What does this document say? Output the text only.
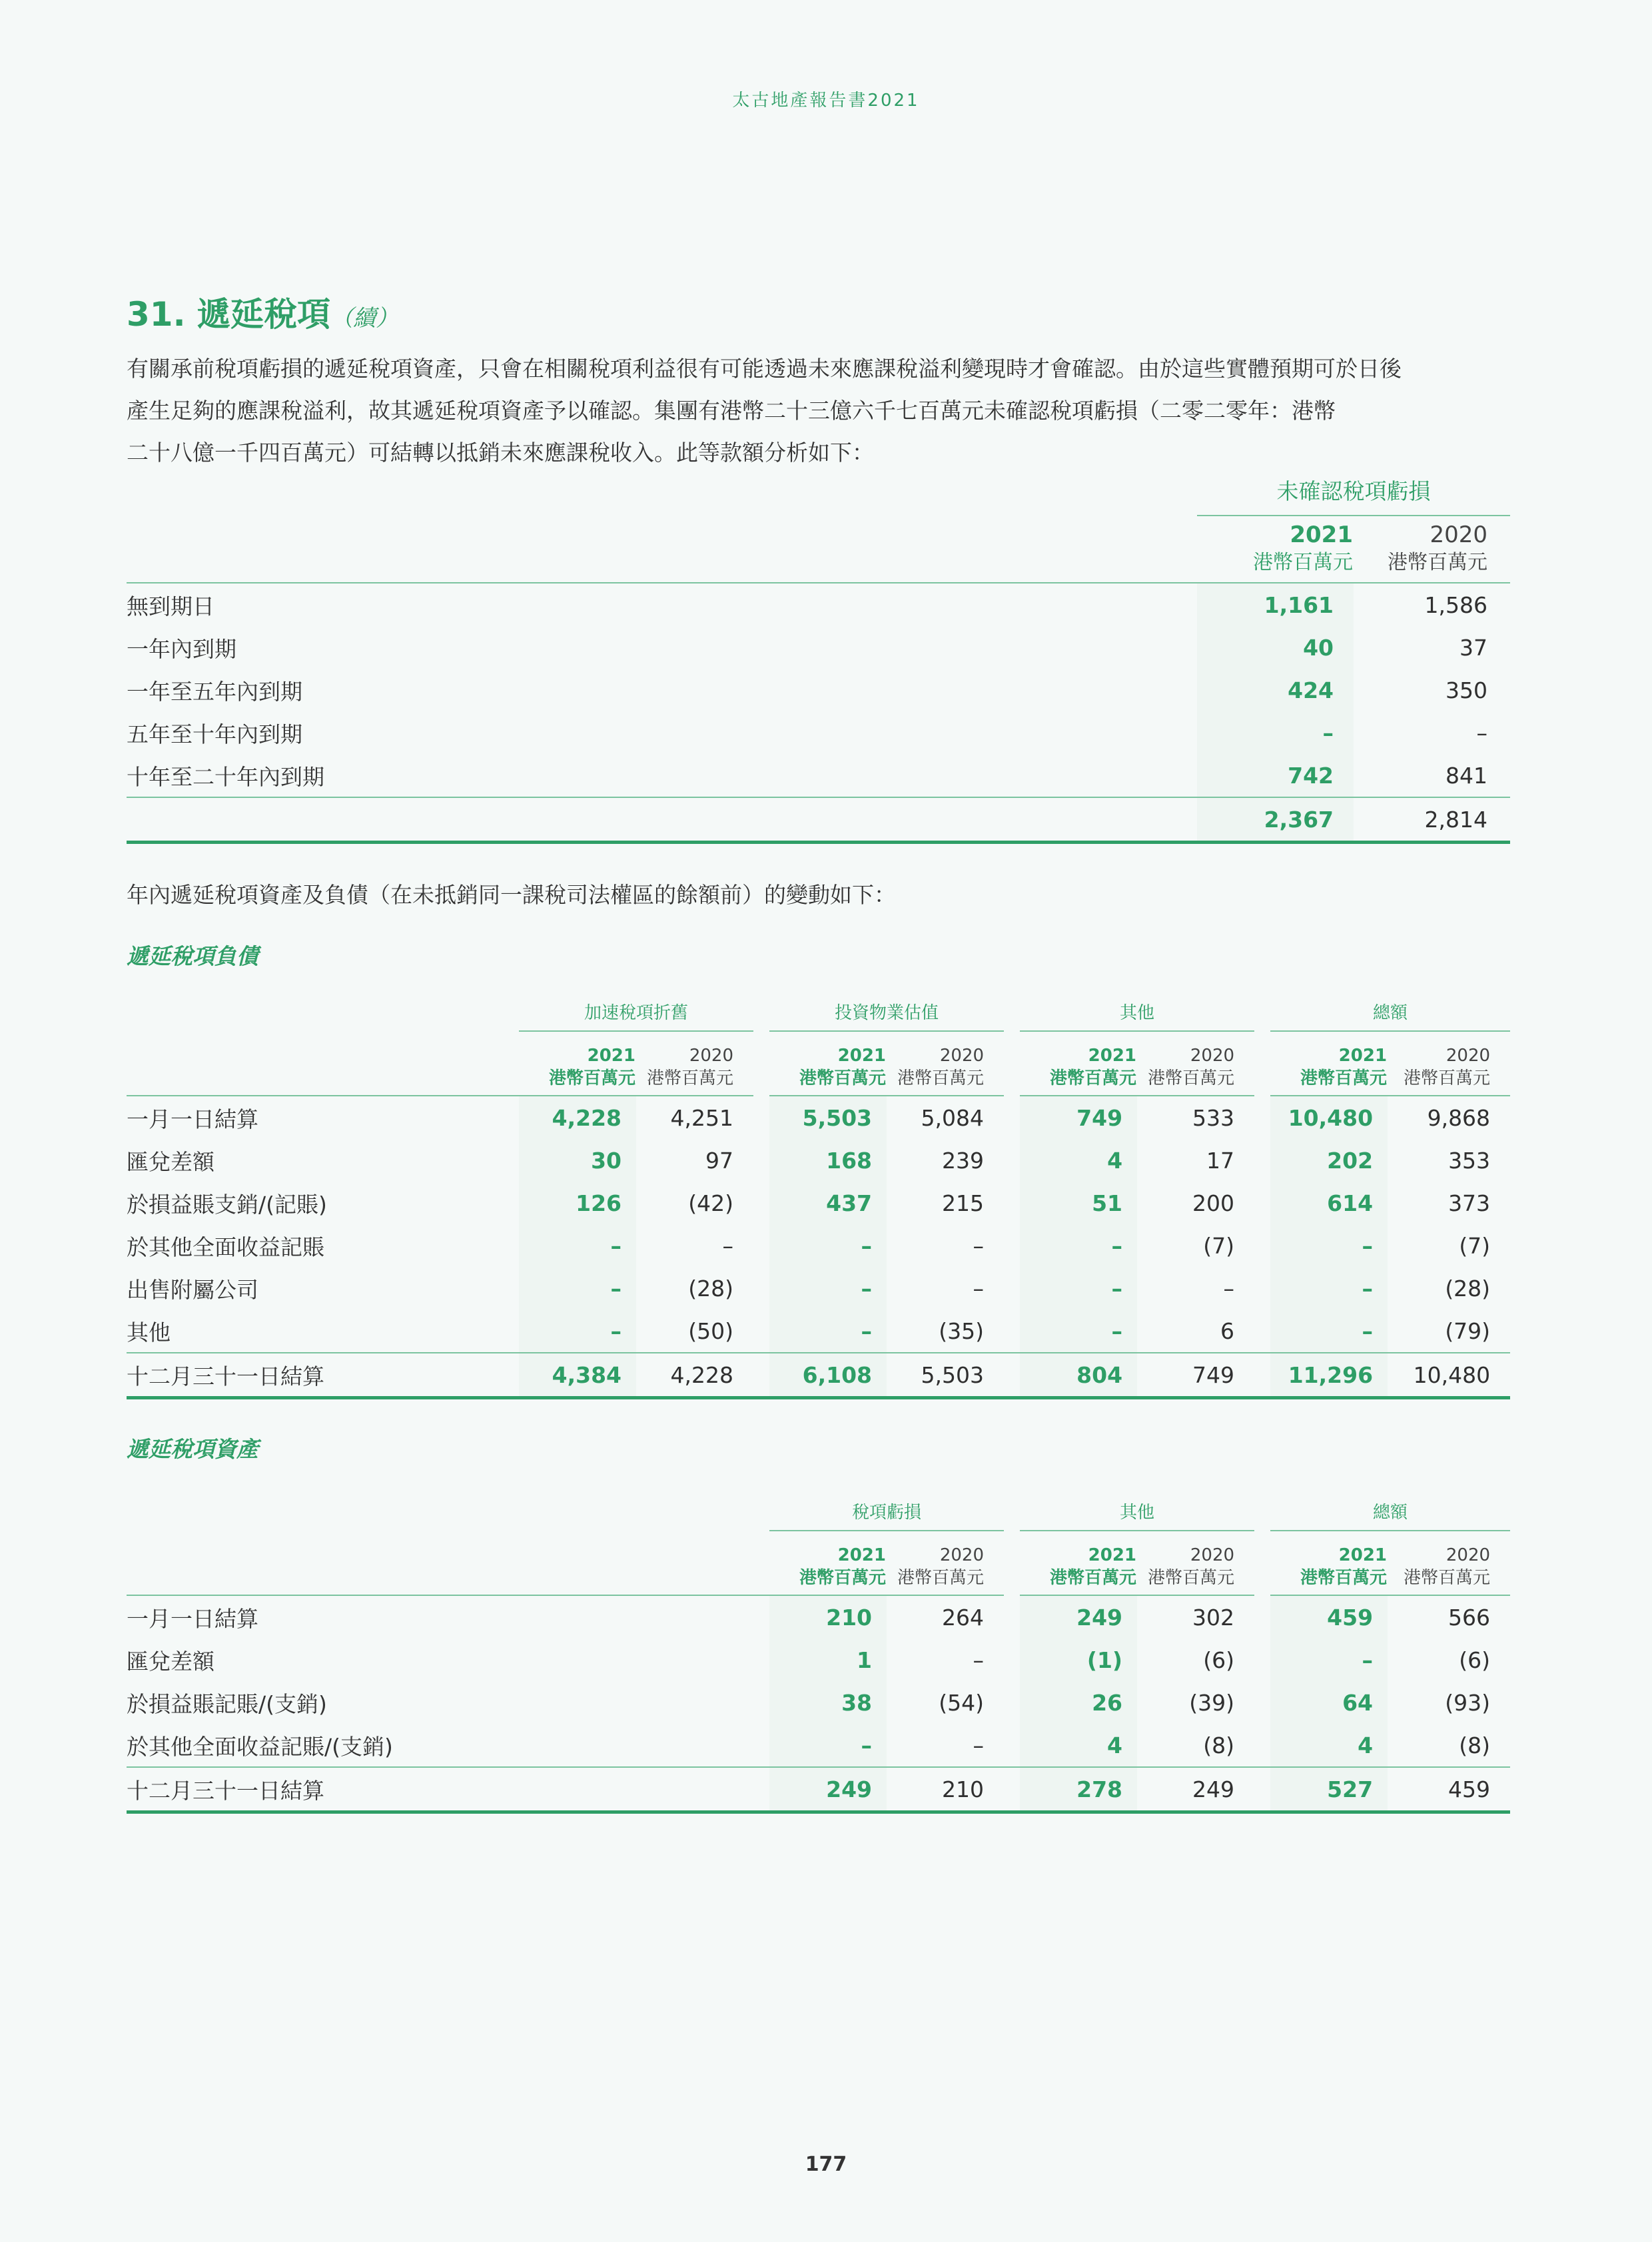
太古地產報告書2021
31. 遞延稅項（續）

有關承前稅項虧損的遞延稅項資產，只會在相關稅項利益很有可能透過未來應課稅溢利變現時才會確認。由於這些實體預期可於日後

產生足夠的應課稅溢利，故其遞延稅項資產予以確認。集團有港幣二十三億六千七百萬元未確認稅項虧損（二零二零年：港幣

二十八億一千四百萬元）可結轉以抵銷未來應課稅收入。此等款額分析如下：

	未確認稅項虧損	

	2021
港幣百萬元	2020
港幣百萬元

無到期日	1,161	1,586
一年內到期	40	37
一年至五年內到期	424	350
五年至十年內到期	–	–
十年至二十年內到期	742	841
	2,367	2,814
年內遞延稅項資產及負債（在未抵銷同一課稅司法權區的餘額前）的變動如下：
遞延稅項負債
	加速稅項折舊			投資物業估值			其他			總額	

	2021
港幣百萬元	2020
港幣百萬元		2021
港幣百萬元	2020
港幣百萬元		2021
港幣百萬元	2020
港幣百萬元		2021
港幣百萬元	2020
港幣百萬元

一月一日結算	4,228	4,251		5,503	5,084		749	533		10,480	9,868
匯兌差額	30	97		168	239		4	17		202	353
於損益賬支銷/(記賬)	126	(42)		437	215		51	200		614	373
於其他全面收益記賬	–	–		–	–		–	(7)		–	(7)
出售附屬公司	–	(28)		–	–		–	–		–	(28)
其他	–	(50)		–	(35)		–	6		–	(79)
十二月三十一日結算	4,384	4,228		6,108	5,503		804	749		11,296	10,480
遞延稅項資產
	稅項虧損			其他			總額	

	2021
港幣百萬元	2020
港幣百萬元		2021
港幣百萬元	2020
港幣百萬元		2021
港幣百萬元	2020
港幣百萬元

一月一日結算	210	264		249	302		459	566
匯兌差額	1	–		(1)	(6)		–	(6)
於損益賬記賬/(支銷)	38	(54)		26	(39)		64	(93)
於其他全面收益記賬/(支銷)	–	–		4	(8)		4	(8)
十二月三十一日結算	249	210		278	249		527	459
177
